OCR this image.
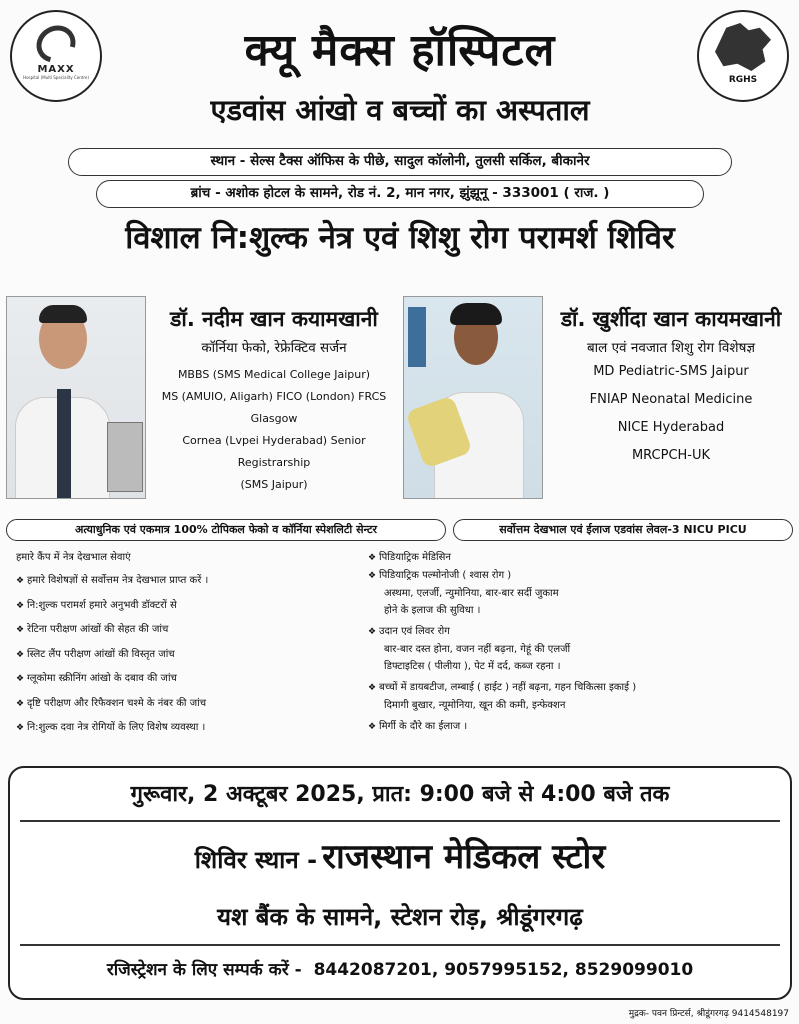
MAXX
Hospital (Multi Speciality Centre)	RGHS
क्यू मैक्स हॉस्पिटल
एडवांस आंखो व बच्चों का अस्पताल
स्थान - सेल्स टैक्स ऑफिस के पीछे, सादुल कॉलोनी, तुलसी सर्किल, बीकानेर
ब्रांच - अशोक होटल के सामने, रोड नं. 2, मान नगर, झुंझूनू - 333001 ( राज. )
विशाल नि:शुल्क नेत्र एवं शिशु रोग परामर्श शिविर
डॉ. नदीम खान कयामखानी
कॉर्निया फेको, रेफ्रेक्टिव सर्जन
MBBS (SMS Medical College Jaipur)
MS (AMUIO, Aligarh) FICO (London) FRCS Glasgow
Cornea (Lvpei Hyderabad) Senior Registrarship
(SMS Jaipur)
डॉ. खुर्शीदा खान कायमखानी
बाल एवं नवजात शिशु रोग विशेषज्ञ
MD Pediatric-SMS Jaipur
FNIAP Neonatal Medicine
NICE Hyderabad
MRCPCH-UK
अत्याधुनिक एवं एकमात्र 100% टोपिकल फेको व कॉर्निया स्पेशलिटी सेन्टर	सर्वोत्तम देखभाल एवं ईलाज एडवांस लेवल-3 NICU PICU
हमारे कैंप में नेत्र देखभाल सेवाएं
❖ हमारे विशेषज्ञों से सर्वोत्तम नेत्र देखभाल प्राप्त करें ।
❖ नि:शुल्क परामर्श हमारे अनुभवी डॉक्टरों से
❖ रेटिना परीक्षण आंखों की सेहत की जांच
❖ स्लिट लैंप परीक्षण आंखों की विस्तृत जांच
❖ ग्लूकोमा स्क्रीनिंग आंखो के दबाव की जांच
❖ दृष्टि परीक्षण और रिफैक्शन चश्मे के नंबर की जांच
❖ नि:शुल्क दवा नेत्र रोगियों के लिए विशेष व्यवस्था ।
❖ पिडियाट्रिक मेडिसिन
❖ पिडियाट्रिक पल्मोनोजी ( श्वास रोग )
अस्थमा, एलर्जी, न्युमोनिया, बार-बार सर्दी जुकाम
होने के इलाज की सुविधा ।
❖ उदान एवं लिवर रोग
बार-बार दस्त होना, वजन नहीं बढ़ना, गेहूं की एलर्जी
डिफ्टाइटिस ( पीलीया ), पेट में दर्द, कब्ज रहना ।
❖ बच्चों में डायबटीज, लम्बाई ( हाईट ) नहीं बढ़ना, गहन चिकित्सा इकाई )
दिमागी बुखार, न्यूमोनिया, खून की कमी, इन्फेक्शन
❖ मिर्गी के दौरे का ईलाज ।
गुरूवार, 2 अक्टूबर 2025, प्रात: 9:00 बजे से 4:00 बजे तक
शिविर स्थान - राजस्थान मेडिकल स्टोर
यश बैंक के सामने, स्टेशन रोड़, श्रीडूंगरगढ़
रजिस्ट्रेशन के लिए सम्पर्क करें - 8442087201, 9057995152, 8529099010
मुद्रक- पवन प्रिन्टर्स, श्रीडूंगरगढ़ 9414548197
